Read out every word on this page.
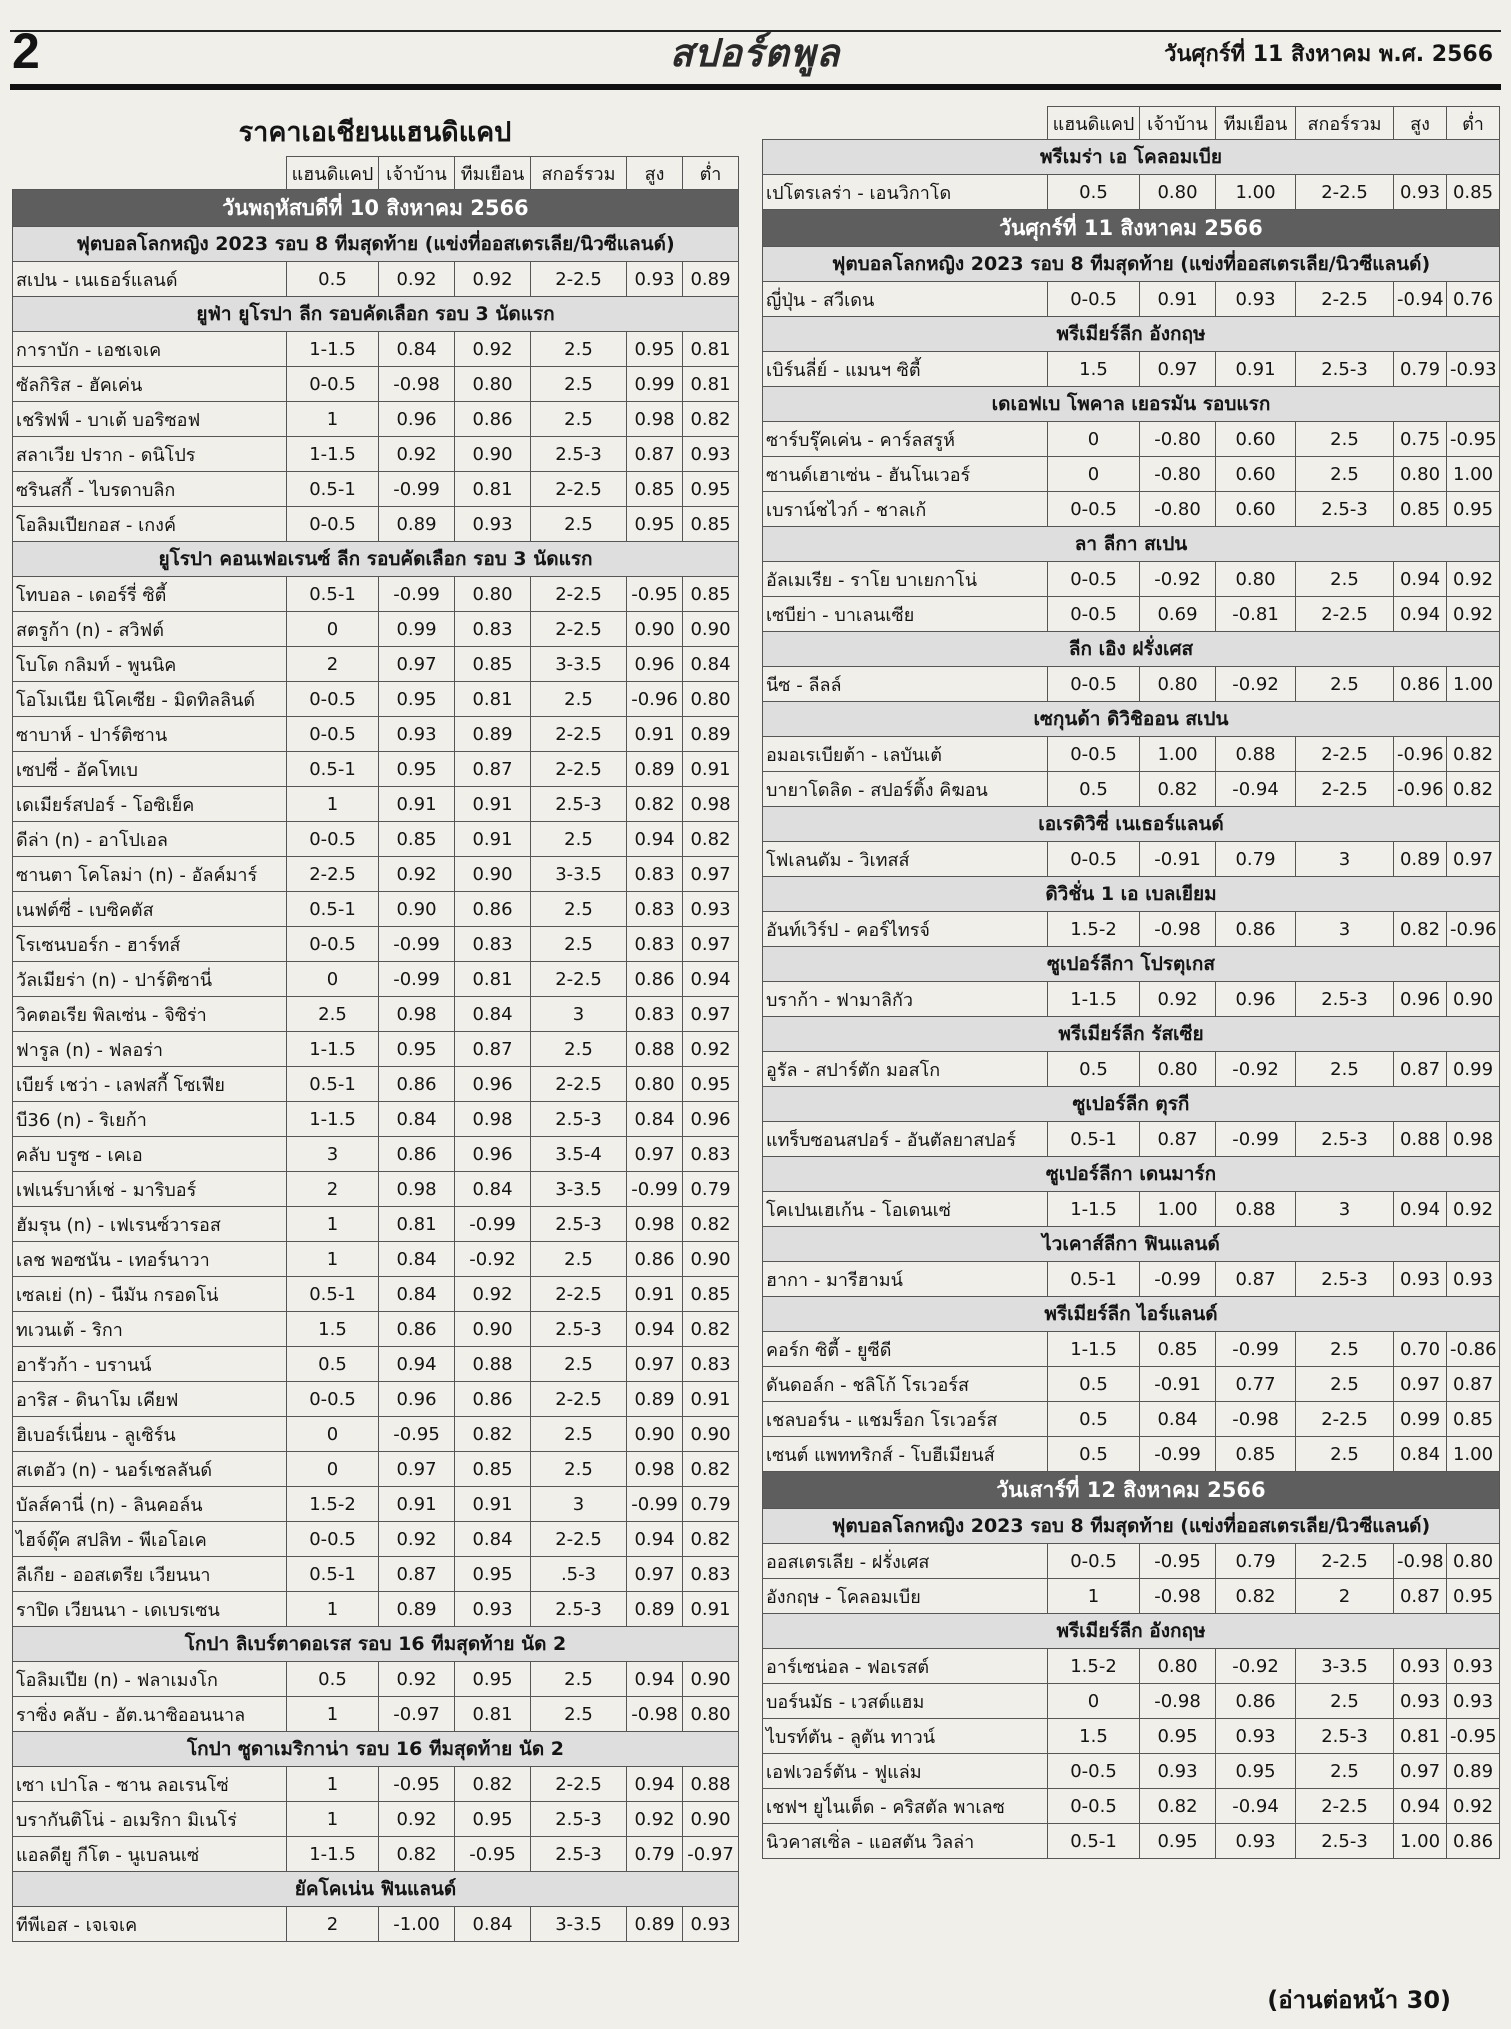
2	สปอร์ตพูล	วันศุกร์ที่ 11 สิงหาคม พ.ศ. 2566
ราคาเอเชียนแฮนดิแคป
	แฮนดิแคป	เจ้าบ้าน	ทีมเยือน	สกอร์รวม	สูง	ต่ำ
วันพฤหัสบดีที่ 10 สิงหาคม 2566						
ฟุตบอลโลกหญิง 2023 รอบ 8 ทีมสุดท้าย (แข่งที่ออสเตรเลีย/นิวซีแลนด์)						
สเปน - เนเธอร์แลนด์	0.5	0.92	0.92	2-2.5	0.93	0.89
ยูฟ่า ยูโรปา ลีก รอบคัดเลือก รอบ 3 นัดแรก						
การาบัก - เอชเจเค	1-1.5	0.84	0.92	2.5	0.95	0.81
ซัลกิริส - ฮัคเค่น	0-0.5	-0.98	0.80	2.5	0.99	0.81
เชริฟฟ์ - บาเต้ บอริซอฟ	1	0.96	0.86	2.5	0.98	0.82
สลาเวีย ปราก - ดนิโปร	1-1.5	0.92	0.90	2.5-3	0.87	0.93
ซรินสกี้ - ไบรดาบลิก	0.5-1	-0.99	0.81	2-2.5	0.85	0.95
โอลิมเปียกอส - เกงค์	0-0.5	0.89	0.93	2.5	0.95	0.85
ยูโรปา คอนเฟอเรนซ์ ลีก รอบคัดเลือก รอบ 3 นัดแรก						
โทบอล - เดอร์รี่ ซิตี้	0.5-1	-0.99	0.80	2-2.5	-0.95	0.85
สตรูก้า (n) - สวิฟต์	0	0.99	0.83	2-2.5	0.90	0.90
โบโด กลิมท์ - พูนนิค	2	0.97	0.85	3-3.5	0.96	0.84
โอโมเนีย นิโคเซีย - มิดทิลลินด์	0-0.5	0.95	0.81	2.5	-0.96	0.80
ซาบาห์ - ปาร์ติซาน	0-0.5	0.93	0.89	2-2.5	0.91	0.89
เซปซี่ - อัคโทเบ	0.5-1	0.95	0.87	2-2.5	0.89	0.91
เดเมียร์สปอร์ - โอซิเย็ค	1	0.91	0.91	2.5-3	0.82	0.98
ดีล่า (n) - อาโปเอล	0-0.5	0.85	0.91	2.5	0.94	0.82
ซานตา โคโลม่า (n) - อัลค์มาร์	2-2.5	0.92	0.90	3-3.5	0.83	0.97
เนฟต์ซี่ - เบซิคตัส	0.5-1	0.90	0.86	2.5	0.83	0.93
โรเซนบอร์ก - ฮาร์ทส์	0-0.5	-0.99	0.83	2.5	0.83	0.97
วัลเมียร่า (n) - ปาร์ติซานี่	0	-0.99	0.81	2-2.5	0.86	0.94
วิคตอเรีย พิลเซ่น - จิซิร่า	2.5	0.98	0.84	3	0.83	0.97
ฟารูล (n) - ฟลอร่า	1-1.5	0.95	0.87	2.5	0.88	0.92
เบียร์ เชว่า - เลฟสกี้ โซเฟีย	0.5-1	0.86	0.96	2-2.5	0.80	0.95
บี36 (n) - ริเยก้า	1-1.5	0.84	0.98	2.5-3	0.84	0.96
คลับ บรูซ - เคเอ	3	0.86	0.96	3.5-4	0.97	0.83
เฟเนร์บาห์เช่ - มาริบอร์	2	0.98	0.84	3-3.5	-0.99	0.79
ฮัมรุน (n) - เฟเรนซ์วารอส	1	0.81	-0.99	2.5-3	0.98	0.82
เลช พอซนัน - เทอร์นาวา	1	0.84	-0.92	2.5	0.86	0.90
เซลเย่ (n) - นีมัน กรอดโน่	0.5-1	0.84	0.92	2-2.5	0.91	0.85
ทเวนเต้ - ริกา	1.5	0.86	0.90	2.5-3	0.94	0.82
อารัวก้า - บรานน์	0.5	0.94	0.88	2.5	0.97	0.83
อาริส - ดินาโม เคียฟ	0-0.5	0.96	0.86	2-2.5	0.89	0.91
ฮิเบอร์เนี่ยน - ลูเซิร์น	0	-0.95	0.82	2.5	0.90	0.90
สเตอัว (n) - นอร์เชลลันด์	0	0.97	0.85	2.5	0.98	0.82
บัลส์คานี่ (n) - ลินคอล์น	1.5-2	0.91	0.91	3	-0.99	0.79
ไฮจ์ดุ๊ค สปลิท - พีเอโอเค	0-0.5	0.92	0.84	2-2.5	0.94	0.82
ลีเกีย - ออสเตรีย เวียนนา	0.5-1	0.87	0.95	.5-3	0.97	0.83
ราปิด เวียนนา - เดเบรเซน	1	0.89	0.93	2.5-3	0.89	0.91
โกปา ลิเบร์ตาดอเรส รอบ 16 ทีมสุดท้าย นัด 2						
โอลิมเปีย (n) - ฟลาเมงโก	0.5	0.92	0.95	2.5	0.94	0.90
ราซิ่ง คลับ - อัต.นาซิออนนาล	1	-0.97	0.81	2.5	-0.98	0.80
โกปา ซูดาเมริกาน่า รอบ 16 ทีมสุดท้าย นัด 2						
เซา เปาโล - ซาน ลอเรนโซ่	1	-0.95	0.82	2-2.5	0.94	0.88
บรากันติโน่ - อเมริกา มิเนโร่	1	0.92	0.95	2.5-3	0.92	0.90
แอลดียู กีโต - นูเบลนเซ่	1-1.5	0.82	-0.95	2.5-3	0.79	-0.97
ยัคโคเน่น ฟินแลนด์						
ทีพีเอส - เจเจเค	2	-1.00	0.84	3-3.5	0.89	0.93
	แฮนดิแคป	เจ้าบ้าน	ทีมเยือน	สกอร์รวม	สูง	ต่ำ
พรีเมร่า เอ โคลอมเบีย						
เปโตรเลร่า - เอนวิกาโด	0.5	0.80	1.00	2-2.5	0.93	0.85
วันศุกร์ที่ 11 สิงหาคม 2566						
ฟุตบอลโลกหญิง 2023 รอบ 8 ทีมสุดท้าย (แข่งที่ออสเตรเลีย/นิวซีแลนด์)						
ญี่ปุ่น - สวีเดน	0-0.5	0.91	0.93	2-2.5	-0.94	0.76
พรีเมียร์ลีก อังกฤษ						
เบิร์นลี่ย์ - แมนฯ ซิตี้	1.5	0.97	0.91	2.5-3	0.79	-0.93
เดเอฟเบ โพคาล เยอรมัน รอบแรก						
ซาร์บรุ๊คเค่น - คาร์ลสรูห์	0	-0.80	0.60	2.5	0.75	-0.95
ซานด์เฮาเซ่น - ฮันโนเวอร์	0	-0.80	0.60	2.5	0.80	1.00
เบราน์ชไวก์ - ชาลเก้	0-0.5	-0.80	0.60	2.5-3	0.85	0.95
ลา ลีกา สเปน						
อัลเมเรีย - ราโย บาเยกาโน่	0-0.5	-0.92	0.80	2.5	0.94	0.92
เซบีย่า - บาเลนเซีย	0-0.5	0.69	-0.81	2-2.5	0.94	0.92
ลีก เอิง ฝรั่งเศส						
นีซ - ลีลล์	0-0.5	0.80	-0.92	2.5	0.86	1.00
เซกุนด้า ดิวิชิออน สเปน						
อมอเรเบียต้า - เลบันเต้	0-0.5	1.00	0.88	2-2.5	-0.96	0.82
บายาโดลิด - สปอร์ติ้ง คิฆอน	0.5	0.82	-0.94	2-2.5	-0.96	0.82
เอเรดิวิซี่ เนเธอร์แลนด์						
โฟเลนดัม - วิเทสส์	0-0.5	-0.91	0.79	3	0.89	0.97
ดิวิชั่น 1 เอ เบลเยียม						
อันท์เวิร์ป - คอร์ไทรจ์	1.5-2	-0.98	0.86	3	0.82	-0.96
ซูเปอร์ลีกา โปรตุเกส						
บราก้า - ฟามาลิกัว	1-1.5	0.92	0.96	2.5-3	0.96	0.90
พรีเมียร์ลีก รัสเซีย						
อูรัล - สปาร์ตัก มอสโก	0.5	0.80	-0.92	2.5	0.87	0.99
ซูเปอร์ลีก ตุรกี						
แทร็บซอนสปอร์ - อันตัลยาสปอร์	0.5-1	0.87	-0.99	2.5-3	0.88	0.98
ซูเปอร์ลีกา เดนมาร์ก						
โคเปนเฮเก้น - โอเดนเซ่	1-1.5	1.00	0.88	3	0.94	0.92
ไวเคาส์ลีกา ฟินแลนด์						
ฮากา - มารีฮามน์	0.5-1	-0.99	0.87	2.5-3	0.93	0.93
พรีเมียร์ลีก ไอร์แลนด์						
คอร์ก ซิตี้ - ยูซีดี	1-1.5	0.85	-0.99	2.5	0.70	-0.86
ดันดอล์ก - ชลิโก้ โรเวอร์ส	0.5	-0.91	0.77	2.5	0.97	0.87
เชลบอร์น - แชมร็อก โรเวอร์ส	0.5	0.84	-0.98	2-2.5	0.99	0.85
เซนต์ แพททริกส์ - โบฮีเมียนส์	0.5	-0.99	0.85	2.5	0.84	1.00
วันเสาร์ที่ 12 สิงหาคม 2566						
ฟุตบอลโลกหญิง 2023 รอบ 8 ทีมสุดท้าย (แข่งที่ออสเตรเลีย/นิวซีแลนด์)						
ออสเตรเลีย - ฝรั่งเศส	0-0.5	-0.95	0.79	2-2.5	-0.98	0.80
อังกฤษ - โคลอมเบีย	1	-0.98	0.82	2	0.87	0.95
พรีเมียร์ลีก อังกฤษ						
อาร์เซน่อล - ฟอเรสต์	1.5-2	0.80	-0.92	3-3.5	0.93	0.93
บอร์นมัธ - เวสต์แฮม	0	-0.98	0.86	2.5	0.93	0.93
ไบรท์ตัน - ลูตัน ทาวน์	1.5	0.95	0.93	2.5-3	0.81	-0.95
เอฟเวอร์ตัน - ฟูแล่ม	0-0.5	0.93	0.95	2.5	0.97	0.89
เชฟฯ ยูไนเต็ด - คริสตัล พาเลซ	0-0.5	0.82	-0.94	2-2.5	0.94	0.92
นิวคาสเซิ่ล - แอสตัน วิลล่า	0.5-1	0.95	0.93	2.5-3	1.00	0.86
(อ่านต่อหน้า 30)
